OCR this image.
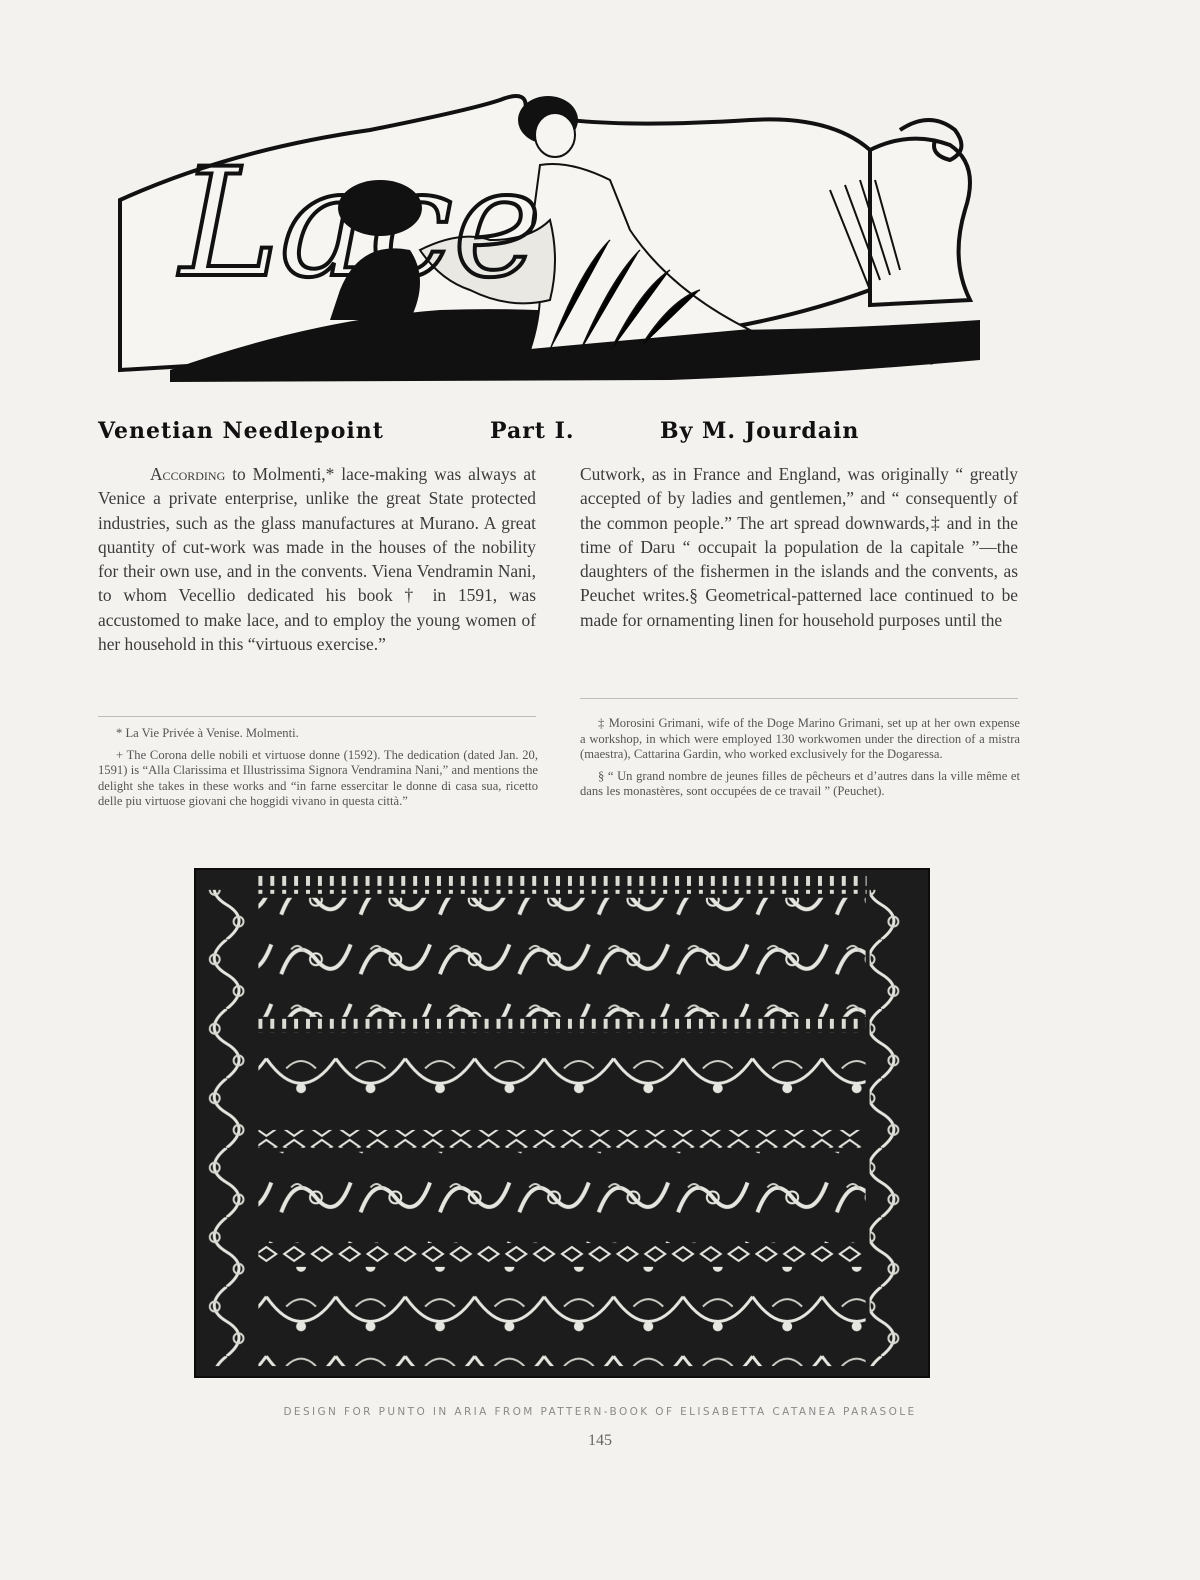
Lace
D. Ilay Hardy
Venetian Needlepoint	Part I.	By M. Jourdain

According to Molmenti,* lace-making was always at Venice a private enterprise, unlike the great State protected industries, such as the glass manufactures at Murano. A great quantity of cut-work was made in the houses of the nobility for their own use, and in the convents. Viena Vendramin Nani, to whom Vecellio dedicated his book † in 1591, was accustomed to make lace, and to employ the young women of her household in this “virtuous exercise.”

Cutwork, as in France and England, was originally “ greatly accepted of by ladies and gentlemen,” and “ consequently of the common people.” The art spread downwards,‡ and in the time of Daru “ occupait la population de la capitale ”—the daughters of the fishermen in the islands and the convents, as Peuchet writes.§ Geometrical-patterned lace continued to be made for ornamenting linen for household purposes until the

* La Vie Privée à Venise. Molmenti.

+ The Corona delle nobili et virtuose donne (1592). The dedication (dated Jan. 20, 1591) is “Alla Clarissima et Illustrissima Signora Vendramina Nani,” and mentions the delight she takes in these works and “in farne essercitar le donne di casa sua, ricetto delle piu virtuose giovani che hoggidi vivano in questa città.”

‡ Morosini Grimani, wife of the Doge Marino Grimani, set up at her own expense a workshop, in which were employed 130 workwomen under the direction of a mistra (maestra), Cattarina Gardin, who worked exclusively for the Dogaressa.

§ “ Un grand nombre de jeunes filles de pêcheurs et d’autres dans la ville même et dans les monastères, sont occupées de ce travail ” (Peuchet).

DESIGN FOR PUNTO IN ARIA FROM PATTERN-BOOK OF ELISABETTA CATANEA PARASOLE
145
